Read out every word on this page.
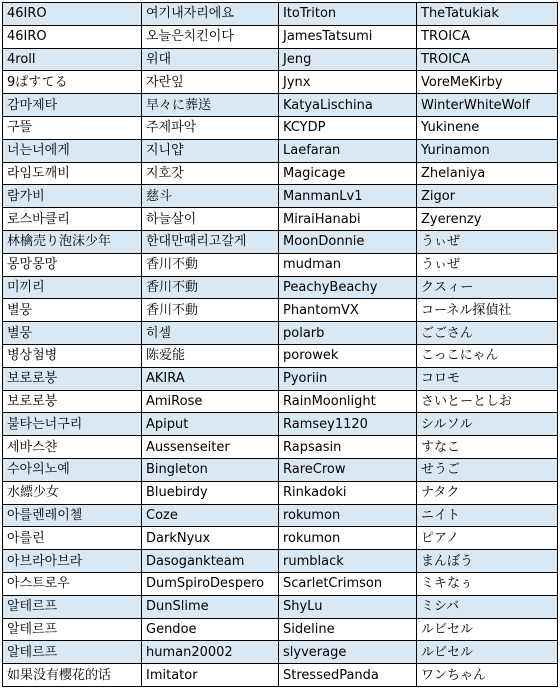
46IRO	여기내자리에요	ItoTriton	TheTatukiak
46IRO	오늘은치킨이다	JamesTatsumi	TROICA
4roll	위대	Jeng	TROICA
9ぱすてる	자란잎	Jynx	VoreMeKirby
감마제타	早々に葬送	KatyaLischina	WinterWhiteWolf
구뜰	주제파악	KCYDP	Yukinene
너는너에게	지니얍	Laefaran	Yurinamon
라임도깨비	지호갓	Magicage	Zhelaniya
람가비	慈斗	ManmanLv1	Zigor
로스바클리	하늘살이	MiraiHanabi	Zyerenzy
林檎売り泡沫少年	한대만때리고갈게	MoonDonnie	うぃぜ
몽망몽망	香川不動	mudman	うぃぜ
미끼리	香川不動	PeachyBeachy	クスィー
별뭉	香川不動	PhantomVX	コーネル探偵社
별뭉	히셀	polarb	ごごさん
병상첨병	陈爱能	porowek	こっこにゃん
보로로붕	AKIRA	Pyoriin	コロモ
보로로붕	AmiRose	RainMoonlight	さいとーとしお
불타는너구리	Apiput	Ramsey1120	シルソル
세바스챤	Aussenseiter	Rapsasin	すなこ
수아의노예	Bingleton	RareCrow	せうご
水縹少女	Bluebirdy	Rinkadoki	ナタク
아를렌레이첼	Coze	rokumon	ニイト
아를린	DarkNyux	rokumon	ピアノ
아브라아브라	Dasogankteam	rumblack	まんぼう
아스트로우	DumSpiroDespero	ScarletCrimson	ミキなぅ
알테르프	DunSlime	ShyLu	ミシバ
알테르프	Gendoe	Sideline	ルビセル
알테르프	human20002	slyverage	ルビセル
如果没有樱花的话	Imitator	StressedPanda	ワンちゃん
